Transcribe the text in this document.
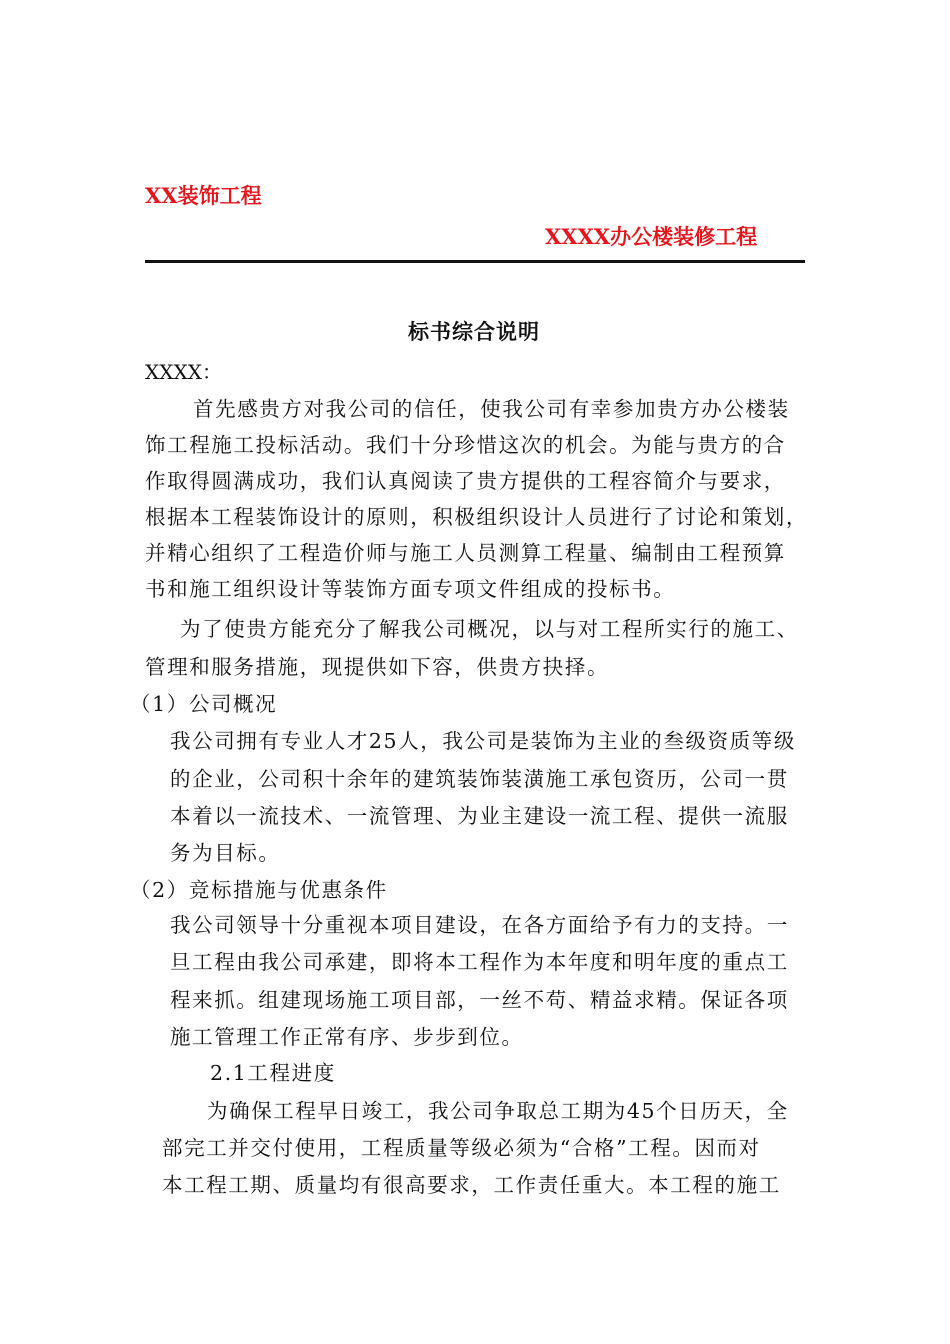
XX装饰工程
XXXX办公楼装修工程
标书综合说明
XXXX：
首先感贵方对我公司的信任，使我公司有幸参加贵方办公楼装
饰工程施工投标活动。我们十分珍惜这次的机会。为能与贵方的合
作取得圆满成功，我们认真阅读了贵方提供的工程容简介与要求，
根据本工程装饰设计的原则，积极组织设计人员进行了讨论和策划，
并精心组织了工程造价师与施工人员测算工程量、编制由工程预算
书和施工组织设计等装饰方面专项文件组成的投标书。
为了使贵方能充分了解我公司概况，以与对工程所实行的施工、
管理和服务措施，现提供如下容，供贵方抉择。
（1）公司概况
我公司拥有专业人才25人，我公司是装饰为主业的叁级资质等级
的企业，公司积十余年的建筑装饰装潢施工承包资历，公司一贯
本着以一流技术、一流管理、为业主建设一流工程、提供一流服
务为目标。
（2）竞标措施与优惠条件
我公司领导十分重视本项目建设，在各方面给予有力的支持。一
旦工程由我公司承建，即将本工程作为本年度和明年度的重点工
程来抓。组建现场施工项目部，一丝不苟、精益求精。保证各项
施工管理工作正常有序、步步到位。
2.1工程进度
为确保工程早日竣工，我公司争取总工期为45个日历天，全
部完工并交付使用，工程质量等级必须为“合格”工程。因而对
本工程工期、质量均有很高要求，工作责任重大。本工程的施工
